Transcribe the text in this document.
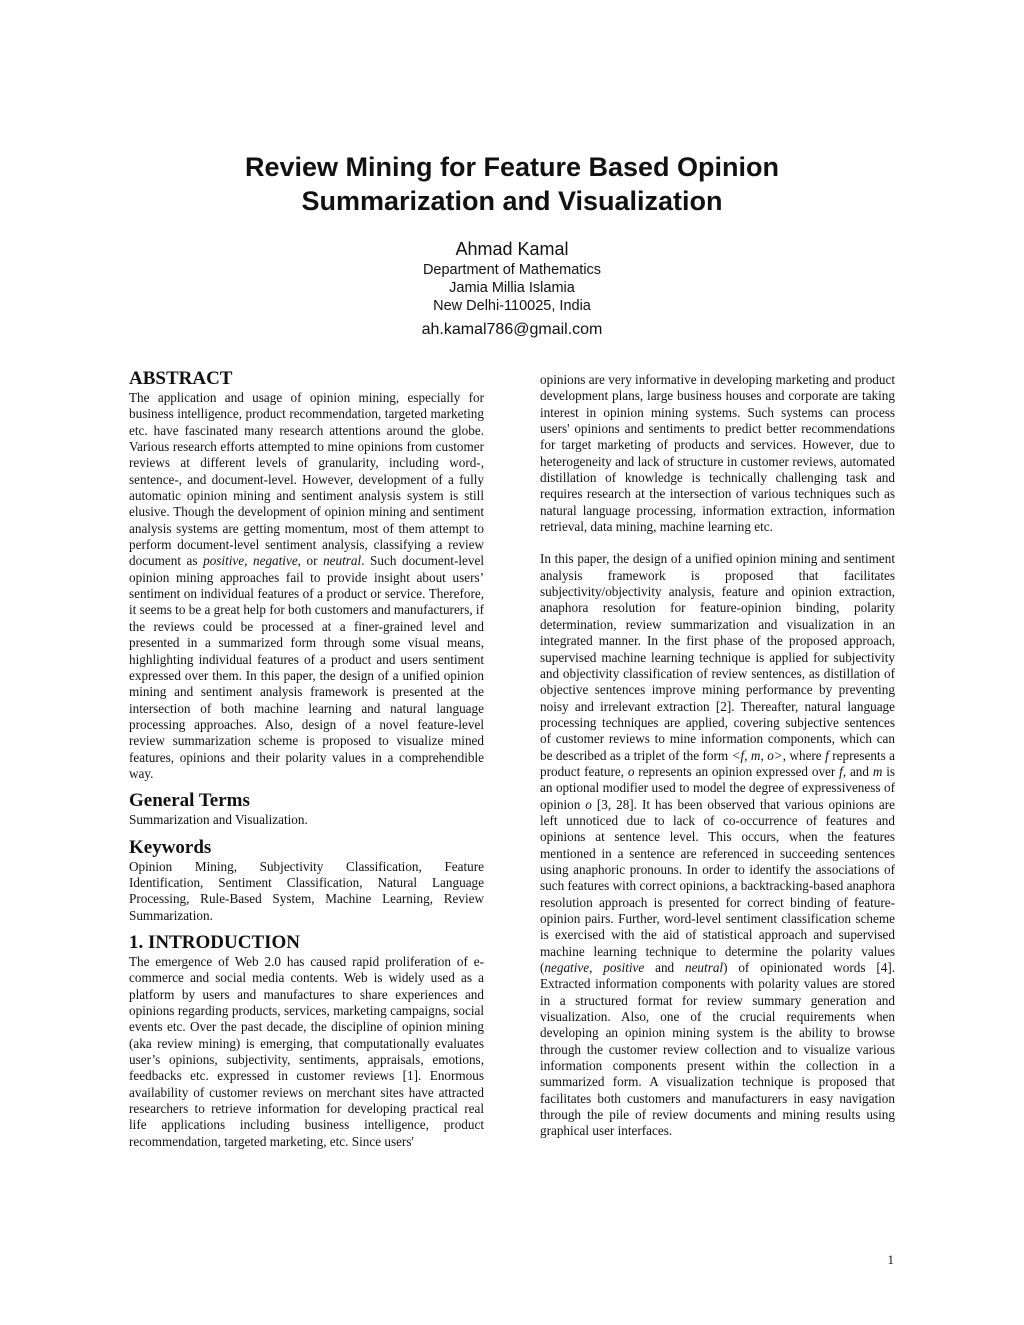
Review Mining for Feature Based Opinion
Summarization and Visualization
Ahmad Kamal
Department of Mathematics
Jamia Millia Islamia
New Delhi-110025, India
ah.kamal786@gmail.com
ABSTRACT

The application and usage of opinion mining, especially for business intelligence, product recommendation, targeted marketing etc. have fascinated many research attentions around the globe. Various research efforts attempted to mine opinions from customer reviews at different levels of granularity, including word-, sentence-, and document-level. However, development of a fully automatic opinion mining and sentiment analysis system is still elusive. Though the development of opinion mining and sentiment analysis systems are getting momentum, most of them attempt to perform document-level sentiment analysis, classifying a review document as positive, negative, or neutral. Such document-level opinion mining approaches fail to provide insight about users’ sentiment on individual features of a product or service. Therefore, it seems to be a great help for both customers and manufacturers, if the reviews could be processed at a finer-grained level and presented in a summarized form through some visual means, highlighting individual features of a product and users sentiment expressed over them. In this paper, the design of a unified opinion mining and sentiment analysis framework is presented at the intersection of both machine learning and natural language processing approaches. Also, design of a novel feature-level review summarization scheme is proposed to visualize mined features, opinions and their polarity values in a comprehendible way.

General Terms

Summarization and Visualization.

Keywords

Opinion Mining, Subjectivity Classification, Feature Identification, Sentiment Classification, Natural Language Processing, Rule-Based System, Machine Learning, Review Summarization.

1. INTRODUCTION

The emergence of Web 2.0 has caused rapid proliferation of e-commerce and social media contents. Web is widely used as a platform by users and manufactures to share experiences and opinions regarding products, services, marketing campaigns, social events etc. Over the past decade, the discipline of opinion mining (aka review mining) is emerging, that computationally evaluates user’s opinions, subjectivity, sentiments, appraisals, emotions, feedbacks etc. expressed in customer reviews [1]. Enormous availability of customer reviews on merchant sites have attracted researchers to retrieve information for developing practical real life applications including business intelligence, product recommendation, targeted marketing, etc. Since users'

opinions are very informative in developing marketing and product development plans, large business houses and corporate are taking interest in opinion mining systems. Such systems can process users' opinions and sentiments to predict better recommendations for target marketing of products and services. However, due to heterogeneity and lack of structure in customer reviews, automated distillation of knowledge is technically challenging task and requires research at the intersection of various techniques such as natural language processing, information extraction, information retrieval, data mining, machine learning etc.

In this paper, the design of a unified opinion mining and sentiment analysis framework is proposed that facilitates subjectivity/objectivity analysis, feature and opinion extraction, anaphora resolution for feature-opinion binding, polarity determination, review summarization and visualization in an integrated manner. In the first phase of the proposed approach, supervised machine learning technique is applied for subjectivity and objectivity classification of review sentences, as distillation of objective sentences improve mining performance by preventing noisy and irrelevant extraction [2]. Thereafter, natural language processing techniques are applied, covering subjective sentences of customer reviews to mine information components, which can be described as a triplet of the form <f, m, o>, where f represents a product feature, o represents an opinion expressed over f, and m is an optional modifier used to model the degree of expressiveness of opinion o [3, 28]. It has been observed that various opinions are left unnoticed due to lack of co-occurrence of features and opinions at sentence level. This occurs, when the features mentioned in a sentence are referenced in succeeding sentences using anaphoric pronouns. In order to identify the associations of such features with correct opinions, a backtracking-based anaphora resolution approach is presented for correct binding of feature-opinion pairs. Further, word-level sentiment classification scheme is exercised with the aid of statistical approach and supervised machine learning technique to determine the polarity values (negative, positive and neutral) of opinionated words [4]. Extracted information components with polarity values are stored in a structured format for review summary generation and visualization. Also, one of the crucial requirements when developing an opinion mining system is the ability to browse through the customer review collection and to visualize various information components present within the collection in a summarized form. A visualization technique is proposed that facilitates both customers and manufacturers in easy navigation through the pile of review documents and mining results using graphical user interfaces.

1
